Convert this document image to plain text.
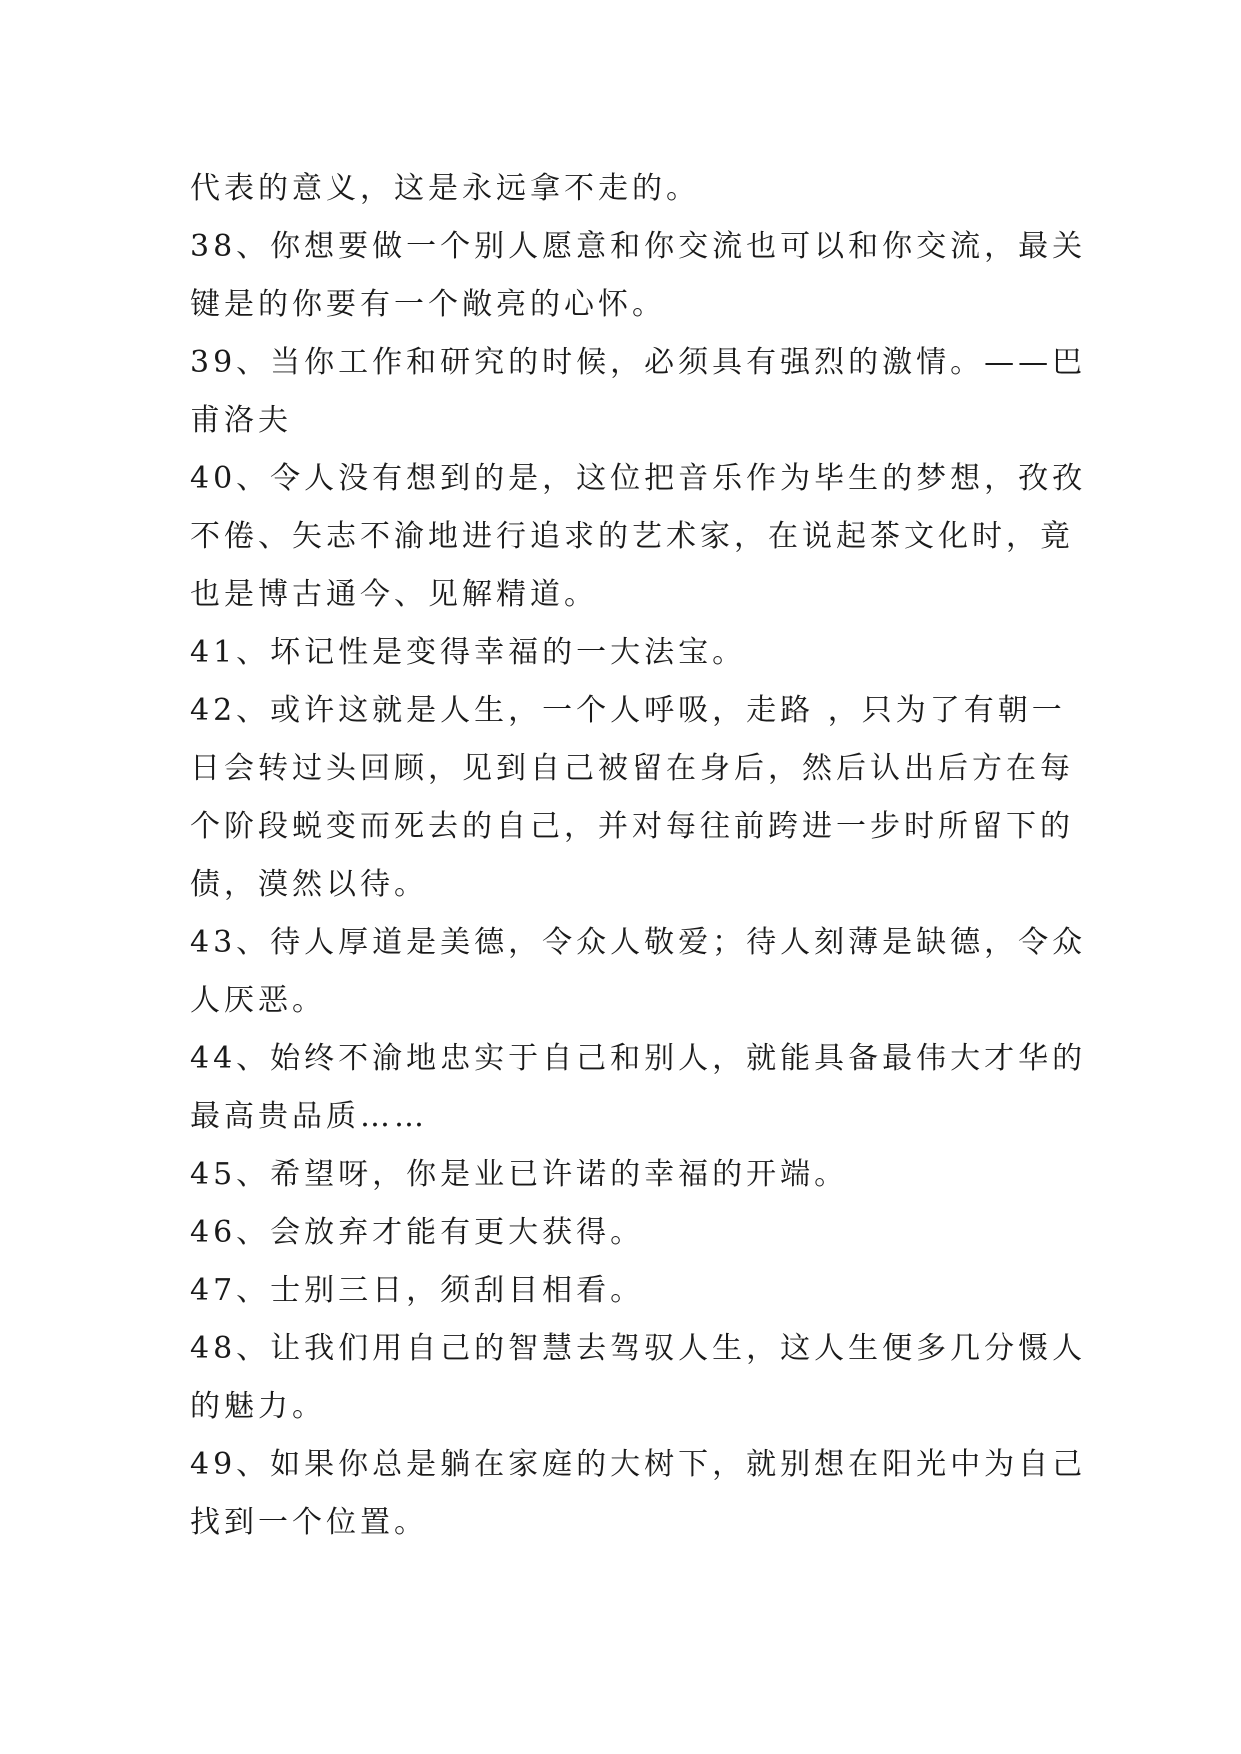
代表的意义，这是永远拿不走的。
38、你想要做一个别人愿意和你交流也可以和你交流，最关
键是的你要有一个敞亮的心怀。
39、当你工作和研究的时候，必须具有强烈的激情。——巴
甫洛夫
40、令人没有想到的是，这位把音乐作为毕生的梦想，孜孜
不倦、矢志不渝地进行追求的艺术家，在说起茶文化时，竟
也是博古通今、见解精道。
41、坏记性是变得幸福的一大法宝。
42、或许这就是人生，一个人呼吸，走路 ，只为了有朝一
日会转过头回顾，见到自己被留在身后，然后认出后方在每
个阶段蜕变而死去的自己，并对每往前跨进一步时所留下的
债，漠然以待。
43、待人厚道是美德，令众人敬爱；待人刻薄是缺德，令众
人厌恶。
44、始终不渝地忠实于自己和别人，就能具备最伟大才华的
最高贵品质……
45、希望呀，你是业已许诺的幸福的开端。
46、会放弃才能有更大获得。
47、士别三日，须刮目相看。
48、让我们用自己的智慧去驾驭人生，这人生便多几分慑人
的魅力。
49、如果你总是躺在家庭的大树下，就别想在阳光中为自己
找到一个位置。
